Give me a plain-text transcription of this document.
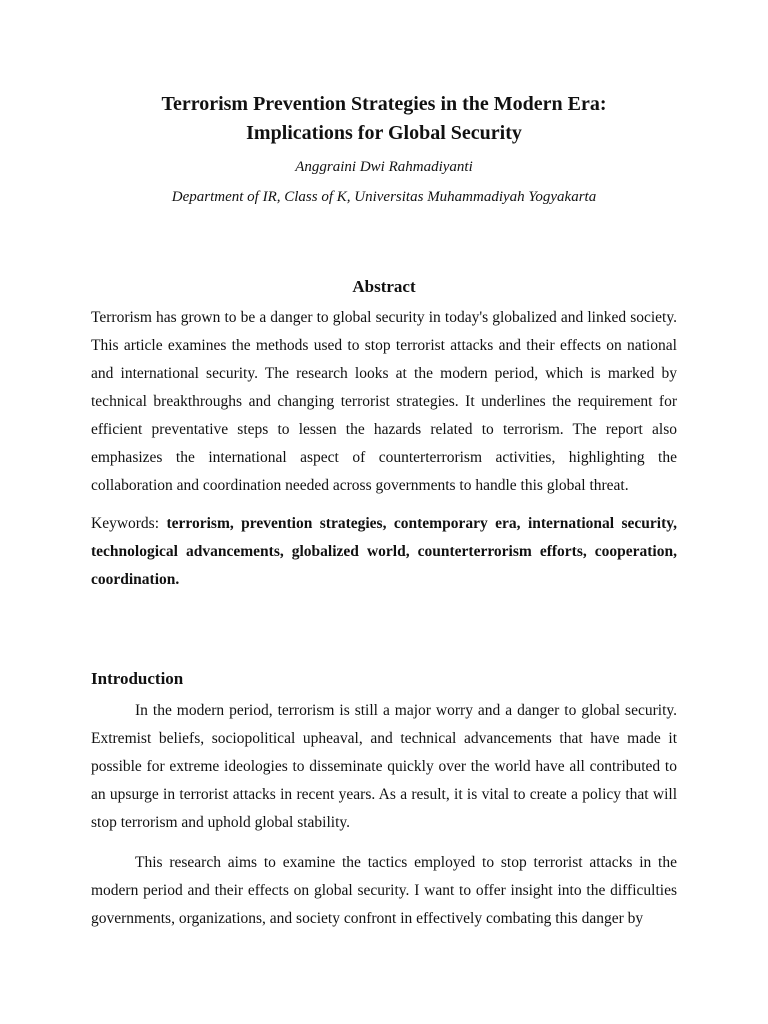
Terrorism Prevention Strategies in the Modern Era:
Implications for Global Security

Anggraini Dwi Rahmadiyanti

Department of IR, Class of K, Universitas Muhammadiyah Yogyakarta

Abstract

Terrorism has grown to be a danger to global security in today's globalized and linked society. This article examines the methods used to stop terrorist attacks and their effects on national and international security. The research looks at the modern period, which is marked by technical breakthroughs and changing terrorist strategies. It underlines the requirement for efficient preventative steps to lessen the hazards related to terrorism. The report also emphasizes the international aspect of counterterrorism activities, highlighting the collaboration and coordination needed across governments to handle this global threat.

Keywords: terrorism, prevention strategies, contemporary era, international security, technological advancements, globalized world, counterterrorism efforts, cooperation, coordination.

Introduction

In the modern period, terrorism is still a major worry and a danger to global security. Extremist beliefs, sociopolitical upheaval, and technical advancements that have made it possible for extreme ideologies to disseminate quickly over the world have all contributed to an upsurge in terrorist attacks in recent years. As a result, it is vital to create a policy that will stop terrorism and uphold global stability.

This research aims to examine the tactics employed to stop terrorist attacks in the modern period and their effects on global security. I want to offer insight into the difficulties governments, organizations, and society confront in effectively combating this danger by
